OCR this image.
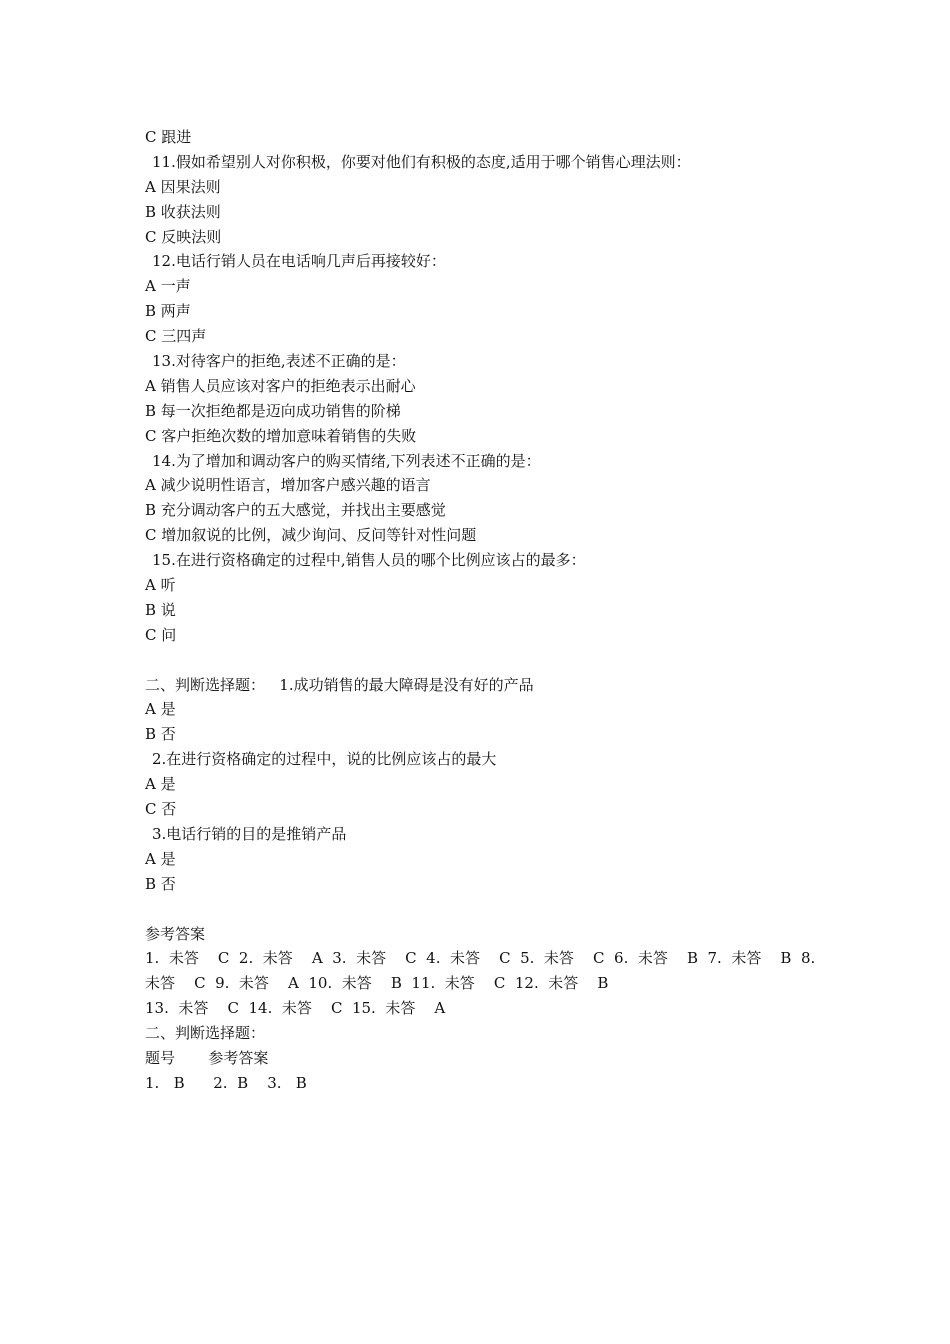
C 跟进
11.假如希望别人对你积极，你要对他们有积极的态度,适用于哪个销售心理法则：
A 因果法则
B 收获法则
C 反映法则
12.电话行销人员在电话响几声后再接较好：
A 一声
B 两声
C 三四声
13.对待客户的拒绝,表述不正确的是：
A 销售人员应该对客户的拒绝表示出耐心
B 每一次拒绝都是迈向成功销售的阶梯
C 客户拒绝次数的增加意味着销售的失败
14.为了增加和调动客户的购买情绪,下列表述不正确的是：
A 减少说明性语言，增加客户感兴趣的语言
B 充分调动客户的五大感觉，并找出主要感觉
C 增加叙说的比例，减少询问、反问等针对性问题
15.在进行资格确定的过程中,销售人员的哪个比例应该占的最多：
A 听
B 说
C 问
二、判断选择题：   1.成功销售的最大障碍是没有好的产品
A 是
B 否
2.在进行资格确定的过程中，说的比例应该占的最大
A 是
C 否
3.电话行销的目的是推销产品
A 是
B 否
参考答案
1.  未答    C  2.  未答    A  3.  未答    C  4.  未答    C  5.  未答    C  6.  未答    B  7.  未答    B  8.
未答    C  9.  未答    A  10.  未答    B  11.  未答    C  12.  未答    B
13.  未答    C  14.  未答    C  15.  未答    A
二、判断选择题：
题号       参考答案
1.   B      2.  B    3.   B
